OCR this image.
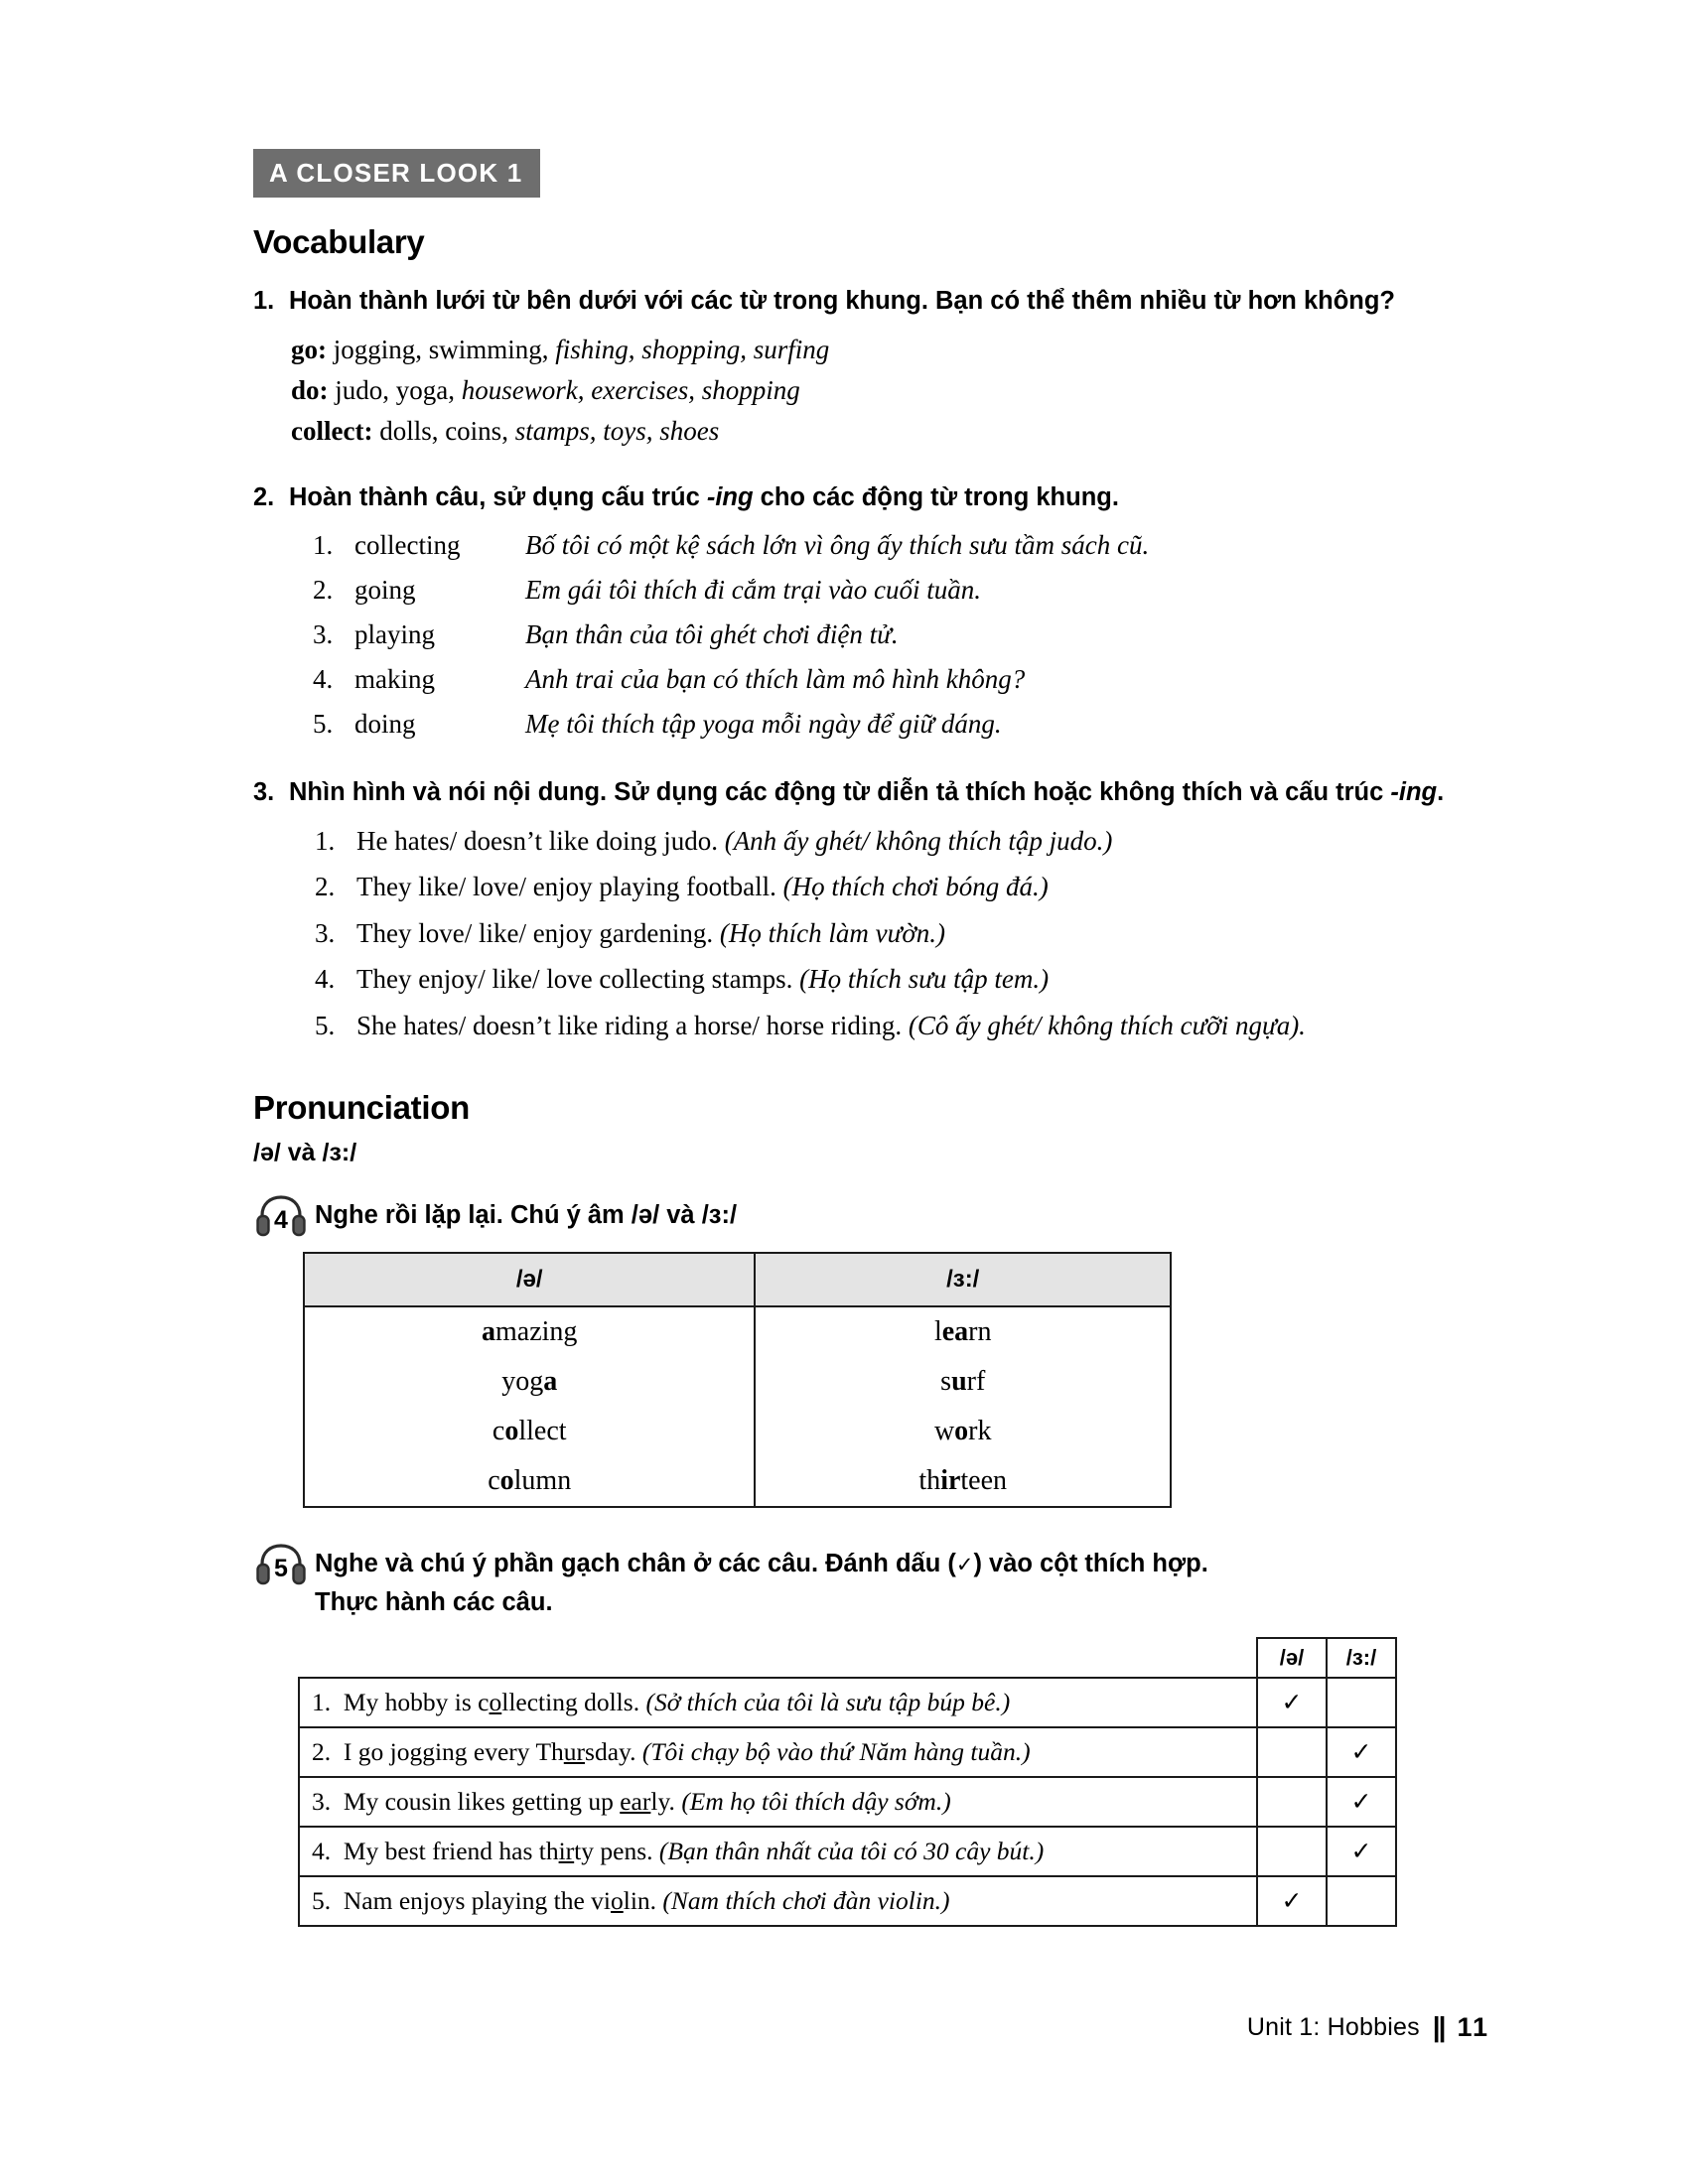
A CLOSER LOOK 1
Vocabulary
1. Hoàn thành lưới từ bên dưới với các từ trong khung. Bạn có thể thêm nhiều từ hơn không?
go: jogging, swimming, fishing, shopping, surfing
do: judo, yoga, housework, exercises, shopping
collect: dolls, coins, stamps, toys, shoes
2. Hoàn thành câu, sử dụng cấu trúc -ing cho các động từ trong khung.
1. collecting	Bố tôi có một kệ sách lớn vì ông ấy thích sưu tầm sách cũ.
2. going	Em gái tôi thích đi cắm trại vào cuối tuần.
3. playing	Bạn thân của tôi ghét chơi điện tử.
4. making	Anh trai của bạn có thích làm mô hình không?
5. doing	Mẹ tôi thích tập yoga mỗi ngày để giữ dáng.
3. Nhìn hình và nói nội dung. Sử dụng các động từ diễn tả thích hoặc không thích và cấu trúc -ing.
1. He hates/ doesn’t like doing judo. (Anh ấy ghét/ không thích tập judo.)
2. They like/ love/ enjoy playing football. (Họ thích chơi bóng đá.)
3. They love/ like/ enjoy gardening. (Họ thích làm vườn.)
4. They enjoy/ like/ love collecting stamps. (Họ thích sưu tập tem.)
5. She hates/ doesn’t like riding a horse/ horse riding. (Cô ấy ghét/ không thích cưỡi ngựa).
Pronunciation
/ə/ và /ɜ:/
4 Nghe rồi lặp lại. Chú ý âm /ə/ và /ɜ:/
/ə/	/ɜ:/
amazing	learn
yoga	surf
collect	work
column	thirteen
5 Nghe và chú ý phần gạch chân ở các câu. Đánh dấu (✓) vào cột thích hợp.
Thực hành các câu.
	/ə/	/ɜ:/
1. My hobby is collecting dolls. (Sở thích của tôi là sưu tập búp bê.)	✓	
2. I go jogging every Thursday. (Tôi chạy bộ vào thứ Năm hàng tuần.)		✓
3. My cousin likes getting up early. (Em họ tôi thích dậy sớm.)		✓
4. My best friend has thirty pens. (Bạn thân nhất của tôi có 30 cây bút.)		✓
5. Nam enjoys playing the violin. (Nam thích chơi đàn violin.)	✓	
Unit 1: Hobbies || 11
